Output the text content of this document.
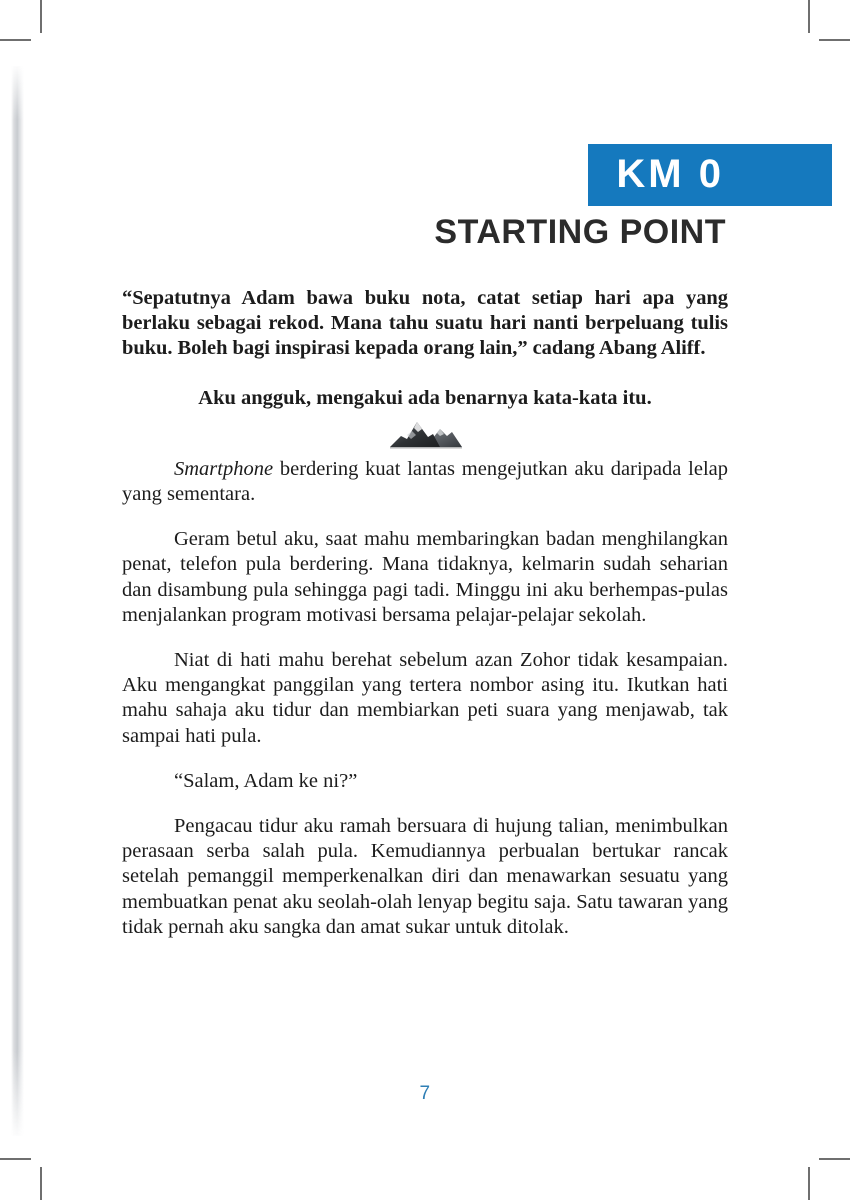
KM 0
STARTING POINT

“Sepatutnya Adam bawa buku nota, catat setiap hari apa yang berlaku sebagai rekod. Mana tahu suatu hari nanti berpeluang tulis buku. Boleh bagi inspirasi kepada orang lain,” cadang Abang Aliff.

Aku angguk, mengakui ada benarnya kata-kata itu.

Smartphone berdering kuat lantas mengejutkan aku daripada lelap yang sementara.

Geram betul aku, saat mahu membaringkan badan menghilangkan penat, telefon pula berdering. Mana tidaknya, kelmarin sudah seharian dan disambung pula sehingga pagi tadi. Minggu ini aku berhempas-pulas menjalankan program motivasi bersama pelajar-pelajar sekolah.

Niat di hati mahu berehat sebelum azan Zohor tidak kesampaian. Aku mengangkat panggilan yang tertera nombor asing itu. Ikutkan hati mahu sahaja aku tidur dan membiarkan peti suara yang menjawab, tak sampai hati pula.

“Salam, Adam ke ni?”

Pengacau tidur aku ramah bersuara di hujung talian, menimbulkan perasaan serba salah pula. Kemudiannya perbualan bertukar rancak setelah pemanggil memperkenalkan diri dan menawarkan sesuatu yang membuatkan penat aku seolah-olah lenyap begitu saja. Satu tawaran yang tidak pernah aku sangka dan amat sukar untuk ditolak.

7
